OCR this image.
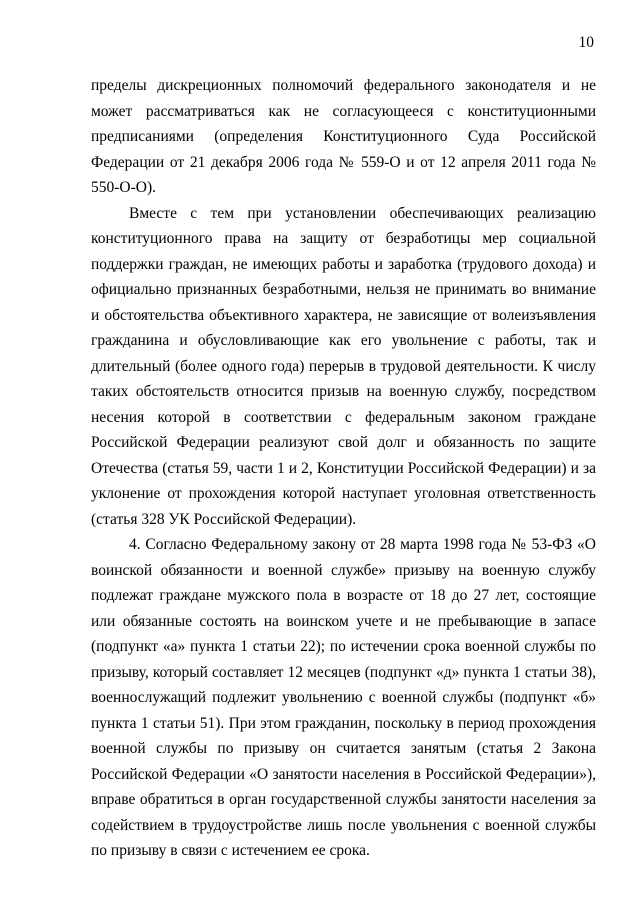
10

пределы дискреционных полномочий федерального законодателя и не может рассматриваться как не согласующееся с конституционными предписаниями (определения Конституционного Суда Российской Федерации от 21 декабря 2006 года № 559-О и от 12 апреля 2011 года № 550-О-О).

Вместе с тем при установлении обеспечивающих реализацию конституционного права на защиту от безработицы мер социальной поддержки граждан, не имеющих работы и заработка (трудового дохода) и официально признанных безработными, нельзя не принимать во внимание и обстоятельства объективного характера, не зависящие от волеизъявления гражданина и обусловливающие как его увольнение с работы, так и длительный (более одного года) перерыв в трудовой деятельности. К числу таких обстоятельств относится призыв на военную службу, посредством несения которой в соответствии с федеральным законом граждане Российской Федерации реализуют свой долг и обязанность по защите Отечества (статья 59, части 1 и 2, Конституции Российской Федерации) и за уклонение от прохождения которой наступает уголовная ответственность (статья 328 УК Российской Федерации).

4. Согласно Федеральному закону от 28 марта 1998 года № 53-ФЗ «О воинской обязанности и военной службе» призыву на военную службу подлежат граждане мужского пола в возрасте от 18 до 27 лет, состоящие или обязанные состоять на воинском учете и не пребывающие в запасе (подпункт «а» пункта 1 статьи 22); по истечении срока военной службы по призыву, который составляет 12 месяцев (подпункт «д» пункта 1 статьи 38), военнослужащий подлежит увольнению с военной службы (подпункт «б» пункта 1 статьи 51). При этом гражданин, поскольку в период прохождения военной службы по призыву он считается занятым (статья 2 Закона Российской Федерации «О занятости населения в Российской Федерации»), вправе обратиться в орган государственной службы занятости населения за содействием в трудоустройстве лишь после увольнения с военной службы по призыву в связи с истечением ее срока.
